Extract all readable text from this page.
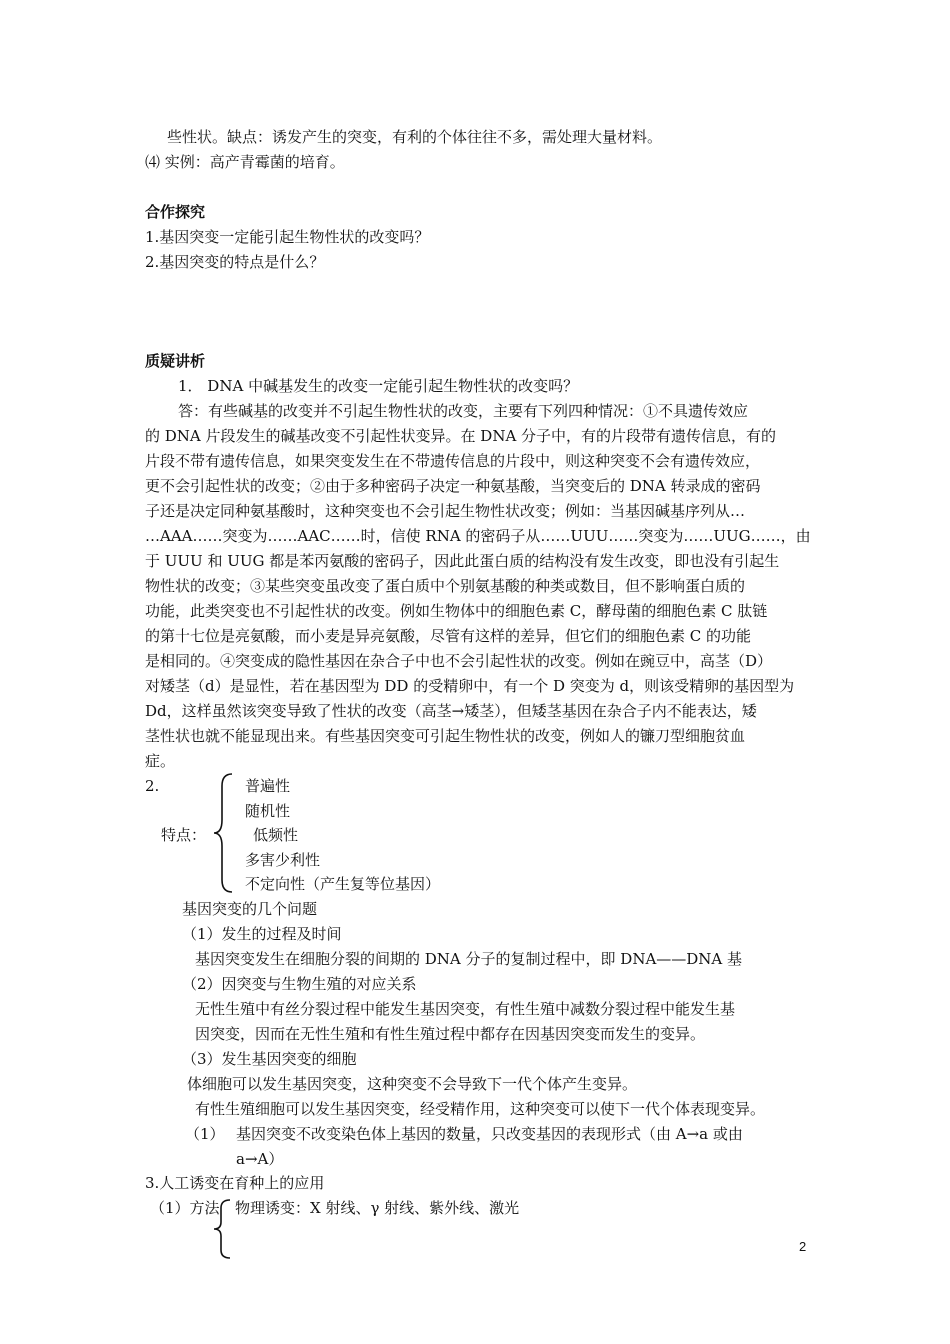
些性状。缺点：诱发产生的突变，有利的个体往往不多，需处理大量材料。
⑷ 实例：高产青霉菌的培育。
合作探究
1.基因突变一定能引起生物性状的改变吗？
2.基因突变的特点是什么？
质疑讲析
1． DNA 中碱基发生的改变一定能引起生物性状的改变吗？
答：有些碱基的改变并不引起生物性状的改变，主要有下列四种情况：①不具遗传效应
的 DNA 片段发生的碱基改变不引起性状变异。在 DNA 分子中，有的片段带有遗传信息，有的
片段不带有遗传信息，如果突变发生在不带遗传信息的片段中，则这种突变不会有遗传效应，
更不会引起性状的改变；②由于多种密码子决定一种氨基酸，当突变后的 DNA 转录成的密码
子还是决定同种氨基酸时，这种突变也不会引起生物性状改变；例如：当基因碱基序列从…
…AAA……突变为……AAC……时，信使 RNA 的密码子从……UUU……突变为……UUG……，由
于 UUU 和 UUG 都是苯丙氨酸的密码子，因此此蛋白质的结构没有发生改变，即也没有引起生
物性状的改变；③某些突变虽改变了蛋白质中个别氨基酸的种类或数目，但不影响蛋白质的
功能，此类突变也不引起性状的改变。例如生物体中的细胞色素 C，酵母菌的细胞色素 C 肽链
的第十七位是亮氨酸，而小麦是异亮氨酸，尽管有这样的差异，但它们的细胞色素 C 的功能
是相同的。④突变成的隐性基因在杂合子中也不会引起性状的改变。例如在豌豆中，高茎（D）
对矮茎（d）是显性，若在基因型为 DD 的受精卵中，有一个 D 突变为 d，则该受精卵的基因型为
Dd，这样虽然该突变导致了性状的改变（高茎→矮茎），但矮茎基因在杂合子内不能表达，矮
茎性状也就不能显现出来。有些基因突变可引起生物性状的改变，例如人的镰刀型细胞贫血
症。
2.
特点：
普遍性
随机性
低频性
多害少利性
不定向性（产生复等位基因）
基因突变的几个问题
（1）发生的过程及时间
基因突变发生在细胞分裂的间期的 DNA 分子的复制过程中，即 DNA——DNA 基
（2）因突变与生物生殖的对应关系
无性生殖中有丝分裂过程中能发生基因突变，有性生殖中减数分裂过程中能发生基
因突变，因而在无性生殖和有性生殖过程中都存在因基因突变而发生的变异。
（3）发生基因突变的细胞
体细胞可以发生基因突变，这种突变不会导致下一代个体产生变异。
有性生殖细胞可以发生基因突变，经受精作用，这种突变可以使下一代个体表现变异。
（1） 基因突变不改变染色体上基因的数量，只改变基因的表现形式（由 A→a 或由
a→A）
3.人工诱变在育种上的应用
（1）方法 物理诱变：X 射线、γ 射线、紫外线、激光
2
